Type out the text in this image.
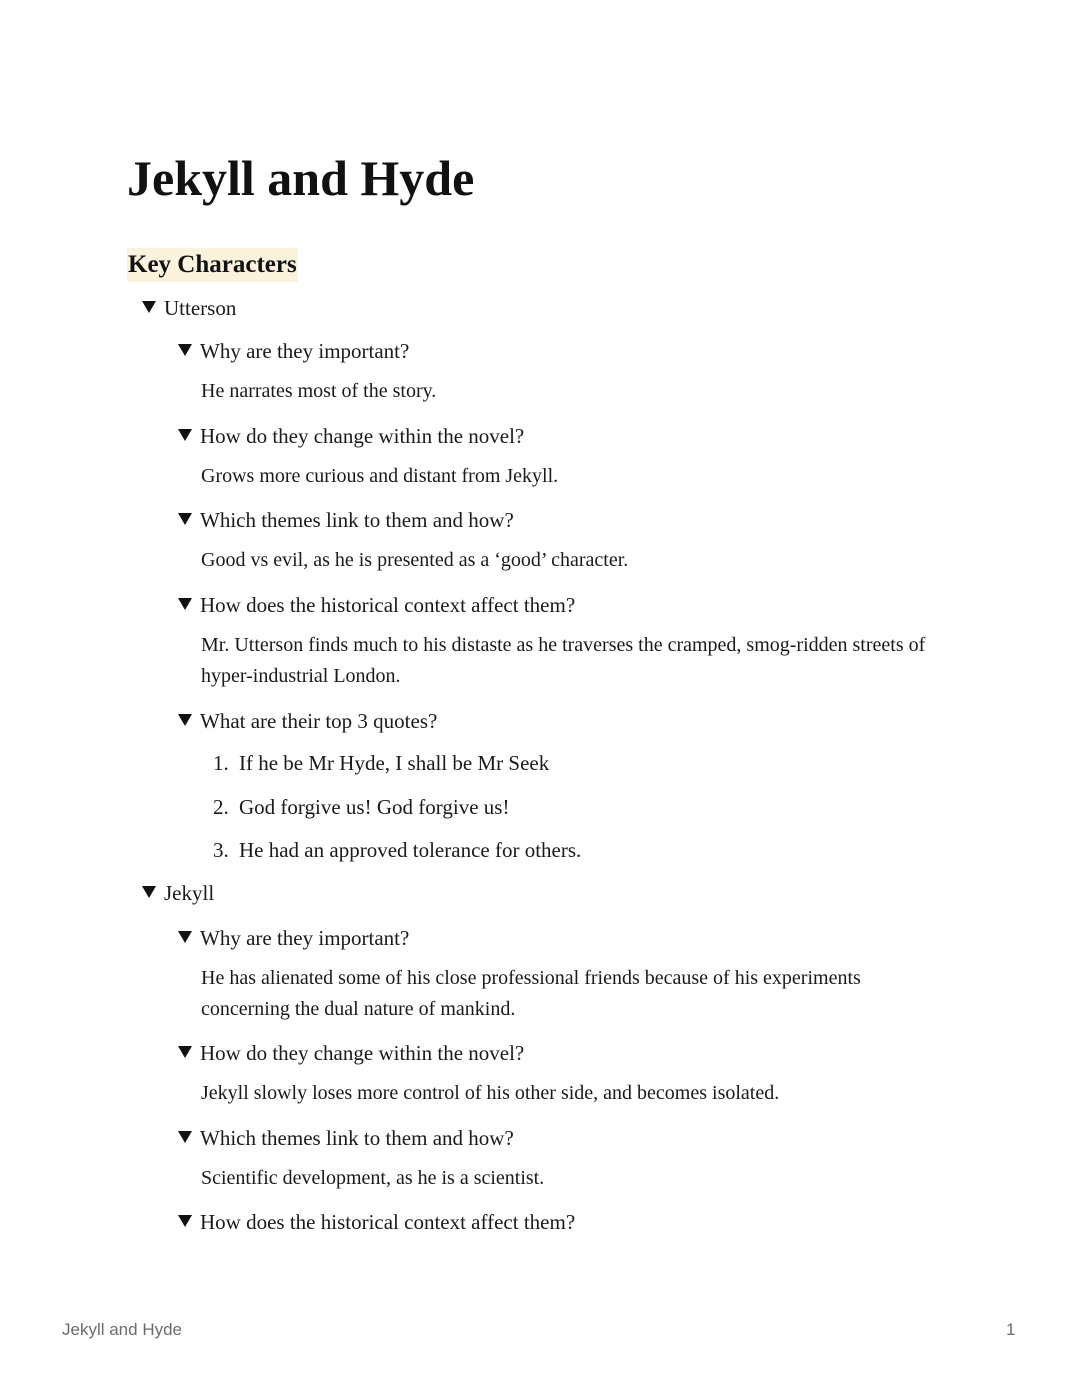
Jekyll and Hyde
Key Characters
Utterson
Why are they important?
He narrates most of the story.
How do they change within the novel?
Grows more curious and distant from Jekyll.
Which themes link to them and how?
Good vs evil, as he is presented as a ‘good’ character.
How does the historical context affect them?
Mr. Utterson finds much to his distaste as he traverses the cramped, smog-ridden streets of hyper-industrial London.
What are their top 3 quotes?
1. If he be Mr Hyde, I shall be Mr Seek
2. God forgive us! God forgive us!
3. He had an approved tolerance for others.
Jekyll
Why are they important?
He has alienated some of his close professional friends because of his experiments concerning the dual nature of mankind.
How do they change within the novel?
Jekyll slowly loses more control of his other side, and becomes isolated.
Which themes link to them and how?
Scientific development, as he is a scientist.
How does the historical context affect them?
Jekyll and Hyde	1
